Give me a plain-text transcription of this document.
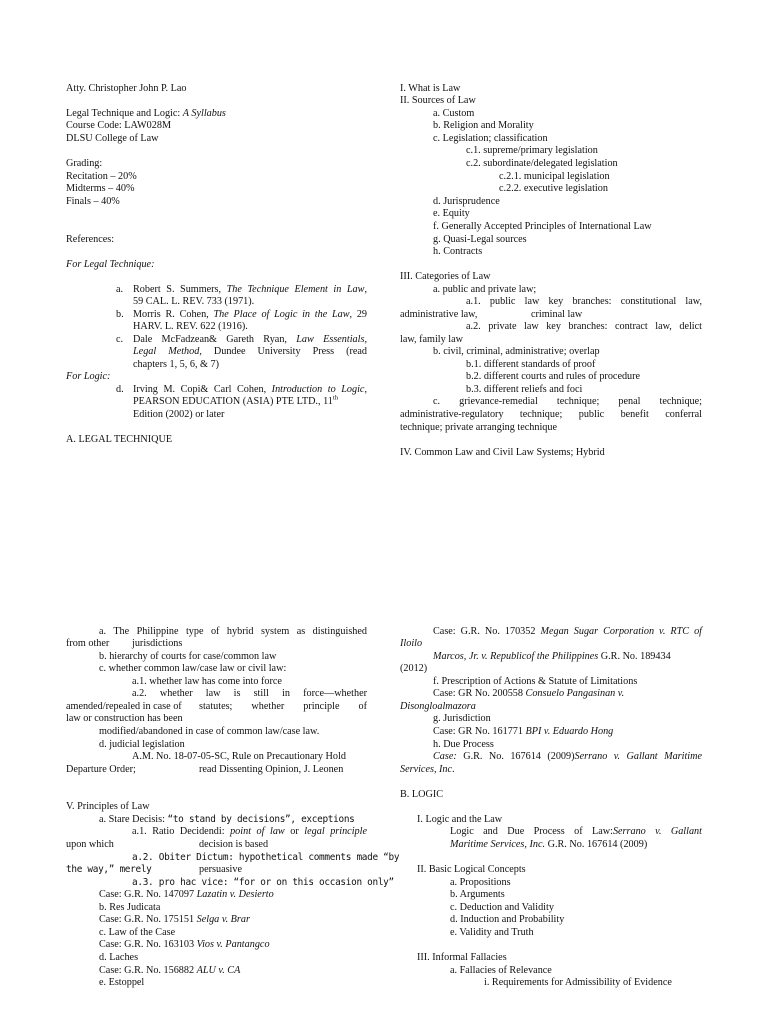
Atty. Christopher John P. Lao
Legal Technique and Logic: A Syllabus
Course Code: LAW028M
DLSU College of Law
Grading:
Recitation – 20%
Midterms – 40%
Finals – 40%
References:
For Legal Technique:
a. Robert S. Summers, The Technique Element in Law,
59 CAL. L. REV. 733 (1971).
b. Morris R. Cohen, The Place of Logic in the Law, 29
HARV. L. REV. 622 (1916).
c. Dale McFadzean& Gareth Ryan, Law Essentials,
Legal Method, Dundee University Press (read
chapters 1, 5, 6, & 7)
For Logic:
d. Irving M. Copi& Carl Cohen, Introduction to Logic,
PEARSON EDUCATION (ASIA) PTE LTD., 11th
Edition (2002) or later
A. LEGAL TECHNIQUE
I. What is Law
II. Sources of Law
a. Custom
b. Religion and Morality
c. Legislation; classification
c.1. supreme/primary legislation
c.2. subordinate/delegated legislation
c.2.1. municipal legislation
c.2.2. executive legislation
d. Jurisprudence
e. Equity
f. Generally Accepted Principles of International Law
g. Quasi-Legal sources
h. Contracts
III. Categories of Law
a. public and private law;
a.1. public law key branches: constitutional law,
administrative law,	criminal law
a.2. private law key branches: contract law, delict
law, family law
b. civil, criminal, administrative; overlap
b.1. different standards of proof
b.2. different courts and rules of procedure
b.3. different reliefs and foci
c. grievance-remedial technique; penal technique;
administrative-regulatory technique; public benefit conferral
technique; private arranging technique
IV. Common Law and Civil Law Systems; Hybrid
a. The Philippine type of hybrid system as distinguished
from other jurisdictions
b. hierarchy of courts for case/common law
c. whether common law/case law or civil law:
a.1. whether law has come into force
a.2. whether law is still in force—whether
amended/repealed in case of statutes; whether principle of
law or construction has been
modified/abandoned in case of common law/case law.
d. judicial legislation
A.M. No. 18-07-05-SC, Rule on Precautionary Hold
Departure Order;	read Dissenting Opinion, J. Leonen
V. Principles of Law
a. Stare Decisis: “to stand by decisions”, exceptions
a.1. Ratio Decidendi: point of law or legal principle
upon which	decision is based
a.2. Obiter Dictum: hypothetical comments made “by
the way,” merely	persuasive
a.3. pro hac vice: “for or on this occasion only”
Case: G.R. No. 147097 Lazatin v. Desierto
b. Res Judicata
Case: G.R. No. 175151 Selga v. Brar
c. Law of the Case
Case: G.R. No. 163103 Vios v. Pantangco
d. Laches
Case: G.R. No. 156882 ALU v. CA
e. Estoppel
Case: G.R. No. 170352 Megan Sugar Corporation v. RTC of
Iloilo
Marcos, Jr. v. Republicof the Philippines G.R. No. 189434
(2012)
f. Prescription of Actions & Statute of Limitations
Case: GR No. 200558 Consuelo Pangasinan v.
Disongloalmazora
g. Jurisdiction
Case: GR No. 161771 BPI v. Eduardo Hong
h. Due Process
Case: G.R. No. 167614 (2009)Serrano v. Gallant Maritime
Services, Inc.
B. LOGIC
I. Logic and the Law
Logic and Due Process of Law:Serrano v. Gallant
Maritime Services, Inc. G.R. No. 167614 (2009)
II. Basic Logical Concepts
a. Propositions
b. Arguments
c. Deduction and Validity
d. Induction and Probability
e. Validity and Truth
III. Informal Fallacies
a. Fallacies of Relevance
i. Requirements for Admissibility of Evidence
